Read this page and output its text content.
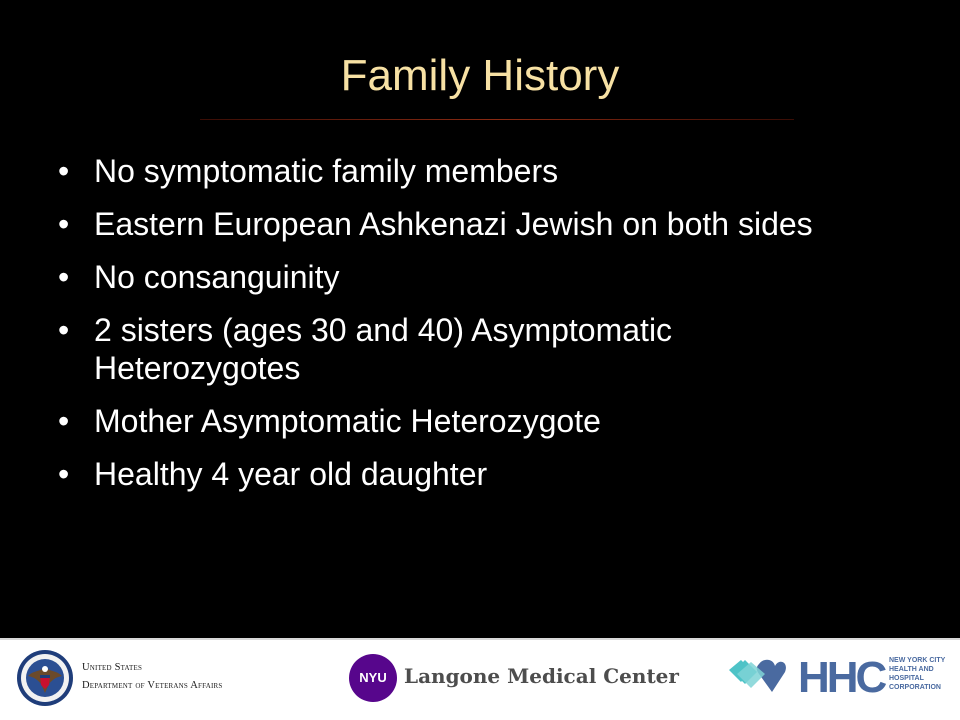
Family History
• No symptomatic family members
• Eastern European Ashkenazi Jewish on both sides
• No consanguinity
• 2 sisters (ages 30 and 40) Asymptomatic Heterozygotes
• Mother Asymptomatic Heterozygote
• Healthy 4 year old daughter
United States
Department of Veterans Affairs
NYU Langone Medical Center	HHC NEW YORK CITY
HEALTH AND
HOSPITAL
CORPORATION
